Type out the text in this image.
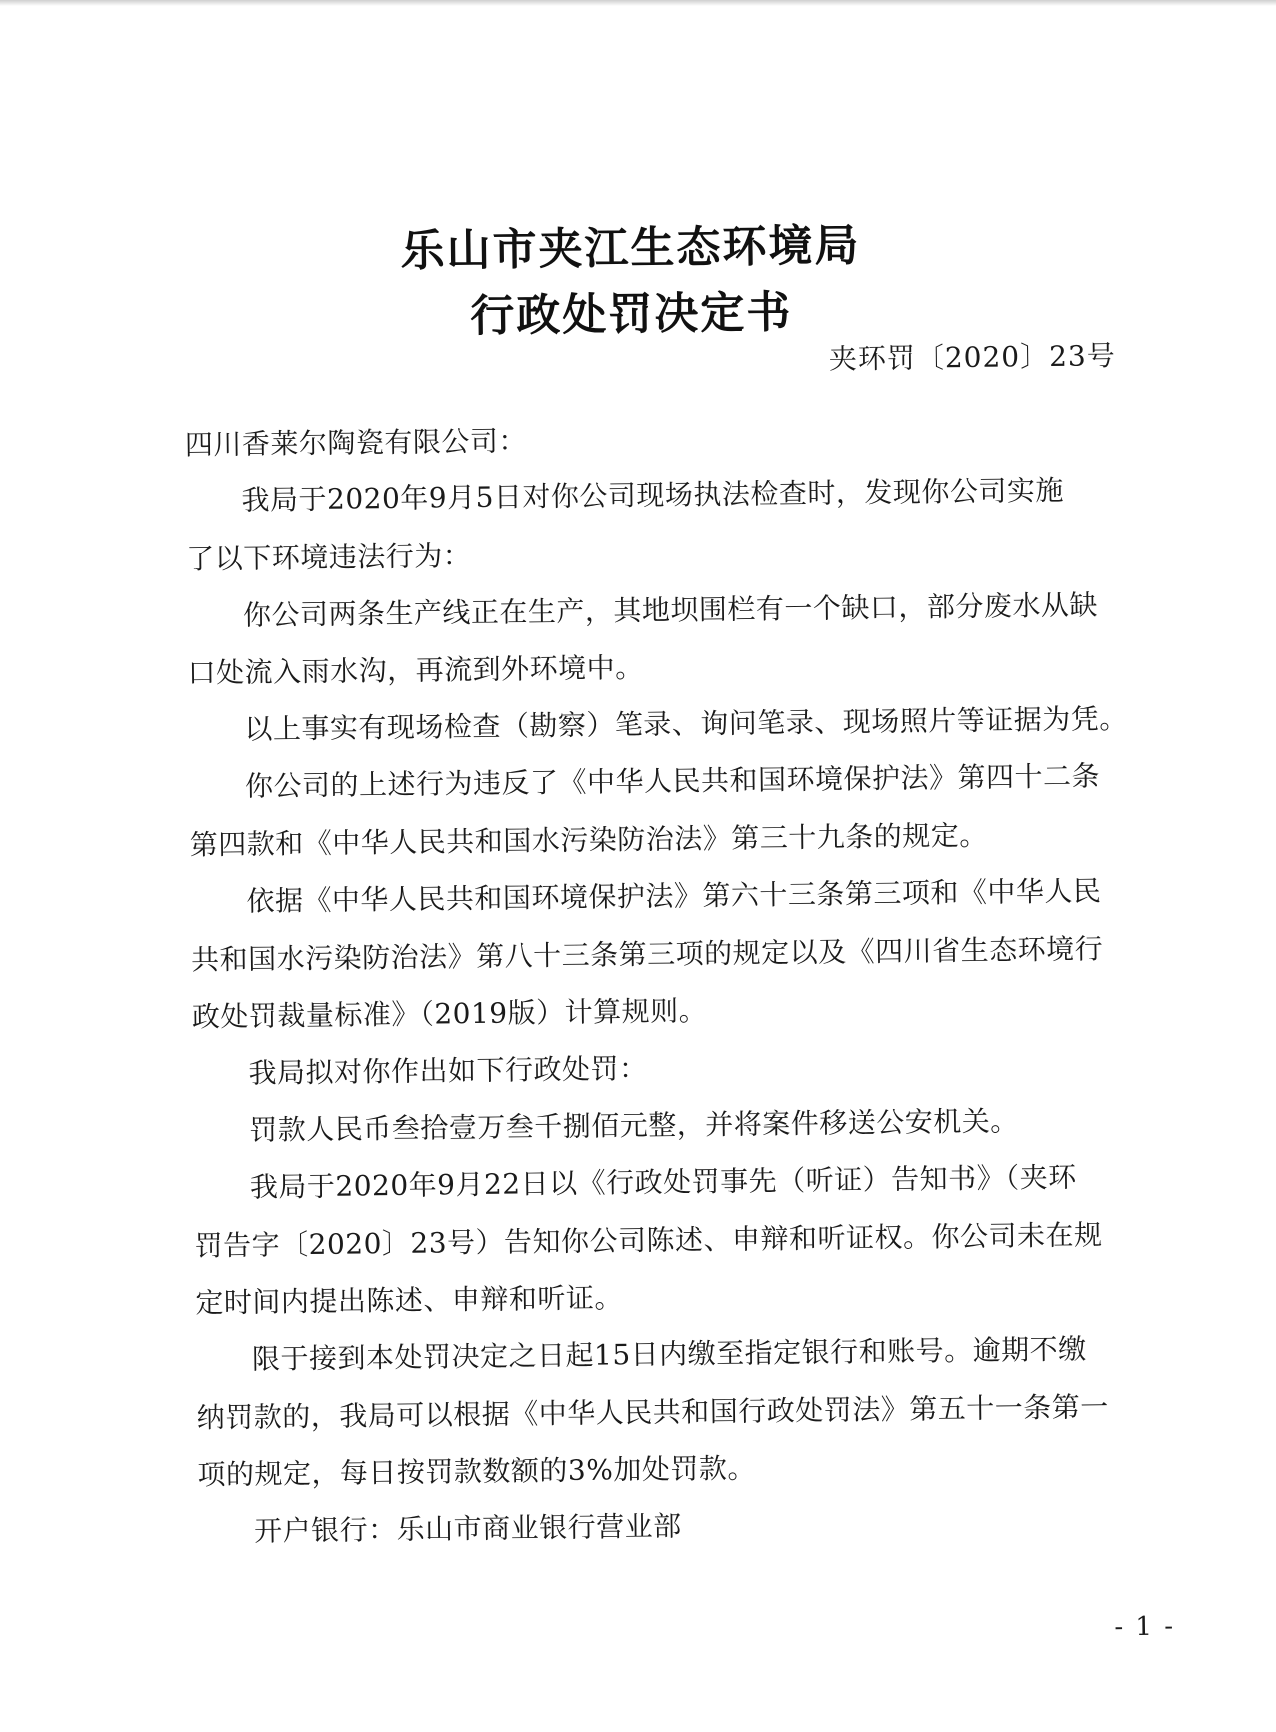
乐山市夹江生态环境局
行政处罚决定书
夹环罚〔2020〕23号
四川香莱尔陶瓷有限公司：
我局于2020年9月5日对你公司现场执法检查时，发现你公司实施
了以下环境违法行为：
你公司两条生产线正在生产，其地坝围栏有一个缺口，部分废水从缺
口处流入雨水沟，再流到外环境中。
以上事实有现场检查（勘察）笔录、询问笔录、现场照片等证据为凭。
你公司的上述行为违反了《中华人民共和国环境保护法》第四十二条
第四款和《中华人民共和国水污染防治法》第三十九条的规定。
依据《中华人民共和国环境保护法》第六十三条第三项和《中华人民
共和国水污染防治法》第八十三条第三项的规定以及《四川省生态环境行
政处罚裁量标准》（2019版）计算规则。
我局拟对你作出如下行政处罚：
罚款人民币叁拾壹万叁千捌佰元整，并将案件移送公安机关。
我局于2020年9月22日以《行政处罚事先（听证）告知书》（夹环
罚告字〔2020〕23号）告知你公司陈述、申辩和听证权。你公司未在规
定时间内提出陈述、申辩和听证。
限于接到本处罚决定之日起15日内缴至指定银行和账号。逾期不缴
纳罚款的，我局可以根据《中华人民共和国行政处罚法》第五十一条第一
项的规定，每日按罚款数额的3%加处罚款。
开户银行：乐山市商业银行营业部
- 1 -
